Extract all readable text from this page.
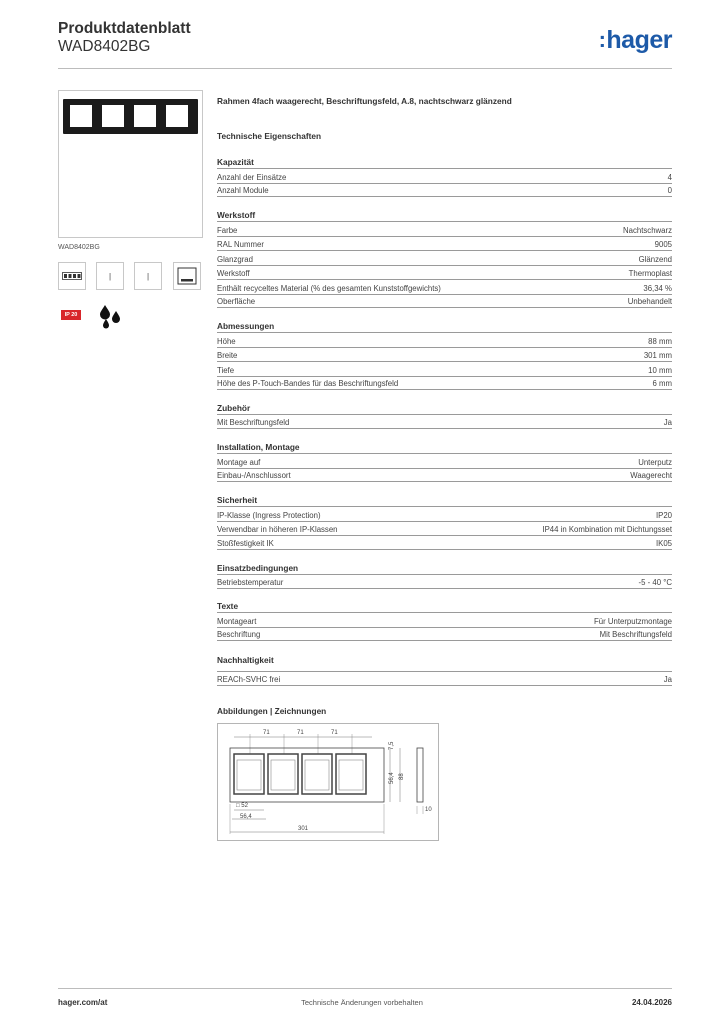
Produktdatenblatt
WAD8402BG	:hager
WAD8402BG
|	|
IP 20
Rahmen 4fach waagerecht, Beschriftungsfeld, A.8, nachtschwarz glänzend
Technische Eigenschaften
Kapazität
Anzahl der Einsätze	4
Anzahl Module	0
Werkstoff
Farbe	Nachtschwarz
RAL Nummer	9005
Glanzgrad	Glänzend
Werkstoff	Thermoplast
Enthält recyceltes Material (% des gesamten Kunststoffgewichts)	36,34 %
Oberfläche	Unbehandelt
Abmessungen
Höhe	88 mm
Breite	301 mm
Tiefe	10 mm
Höhe des P-Touch-Bandes für das Beschriftungsfeld	6 mm
Zubehör
Mit Beschriftungsfeld	Ja
Installation, Montage
Montage auf	Unterputz
Einbau-/Anschlussort	Waagerecht
Sicherheit
IP-Klasse (Ingress Protection)	IP20
Verwendbar in höheren IP-Klassen	IP44 in Kombination mit Dichtungsset
Stoßfestigkeit IK	IK05
Einsatzbedingungen
Betriebstemperatur	-5 - 40 °C
Texte
Montageart	Für Unterputzmontage
Beschriftung	Mit Beschriftungsfeld
Nachhaltigkeit
REACh-SVHC frei	Ja
Abbildungen | Zeichnungen
71	71	71
7,5
56,4 88
10
□ 52
56,4
301
hager.com/at	Technische Änderungen vorbehalten	24.04.2026
